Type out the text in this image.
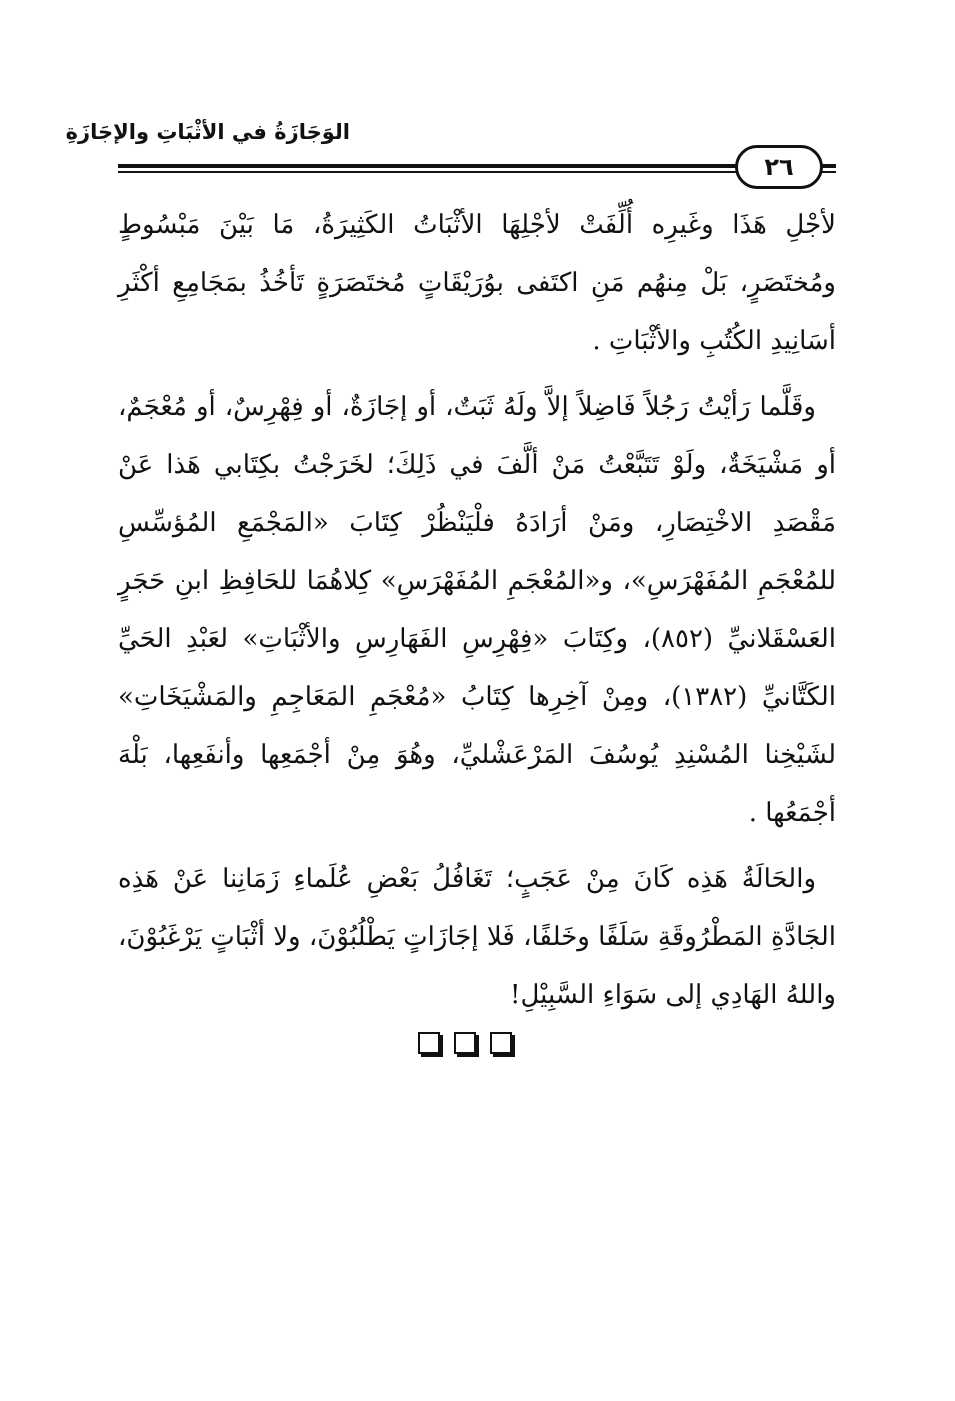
الوَجَازَةُ في الأثْبَاتِ والإجَازَةِ
٢٦

لأجْلِ هَذَا وغَيرِه أُلِّفَتْ لأجْلِهَا الأثْبَاتُ الكَثِيرَةُ، مَا بَيْنَ مَبْسُوطٍ ومُختَصَرٍ، بَلْ مِنهُم مَنِ اكتَفى بوُرَيْقَاتٍ مُختَصَرَةٍ تَأخُذُ بمَجَامِعِ أكْثَرِ أسَانِيدِ الكُتُبِ والأثْبَاتِ .

وقَلَّما رَأيْتُ رَجُلاً فَاضِلاً إلاَّ ولَهُ ثَبَتٌ، أو إجَازَةٌ، أو فِهْرِسٌ، أو مُعْجَمٌ، أو مَشْيَخَةٌ، ولَوْ تَتَبَّعْتُ مَنْ ألَّفَ في ذَلِكَ؛ لخَرَجْتُ بكِتَابي هَذا عَنْ مَقْصَدِ الاخْتِصَارِ، ومَنْ أرَادَهُ فلْيَنْظُرْ كِتَابَ «المَجْمَعِ المُؤسِّسِ للمُعْجَمِ المُفَهْرَسِ»، و«المُعْجَمِ المُفَهْرَسِ» كِلاهُمَا للحَافِظِ ابنِ حَجَرٍ العَسْقَلانيِّ (٨٥٢)، وكِتَابَ «فِهْرِسِ الفَهَارِسِ والأثْبَاتِ» لعَبْدِ الحَيِّ الكَتَّانيِّ (١٣٨٢)، ومِنْ آخِرِها كِتَابُ «مُعْجَمِ المَعَاجِمِ والمَشْيَخَاتِ» لشَيْخِنا المُسْنِدِ يُوسُفَ المَرْعَشْليِّ، وهُوَ مِنْ أجْمَعِها وأنفَعِها، بَلْهَ أجْمَعُها .

والحَالَةُ هَذِه كَانَ مِنْ عَجَبٍ؛ تَغَافُلُ بَعْضِ عُلَماءِ زَمَانِنا عَنْ هَذِه الجَادَّةِ المَطْرُوقَةِ سَلَفًا وخَلفًا، فَلا إجَازَاتٍ يَطْلُبُوْنَ، ولا أثْبَاتٍ يَرْغَبُوْنَ، واللهُ الهَادِي إلى سَوَاءِ السَّبِيْلِ!
